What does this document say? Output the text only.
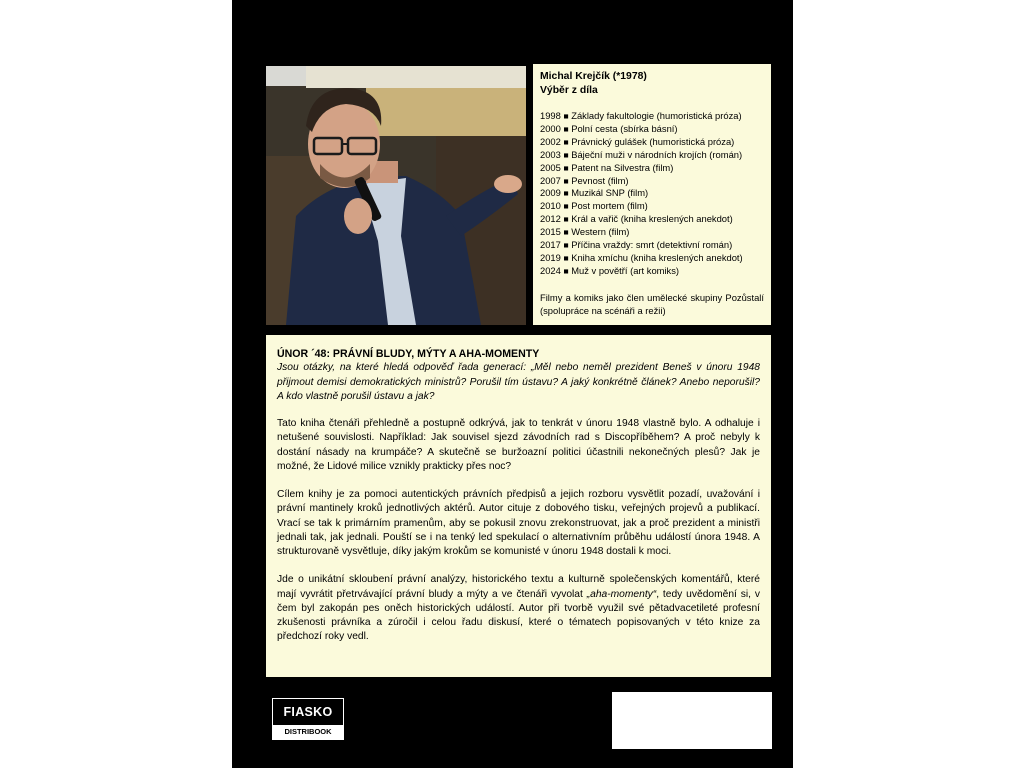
Michal Krejčík (*1978)
Výběr z díla
1998 ■ Základy fakultologie (humoristická próza)
2000 ■ Polní cesta (sbírka básní)
2002 ■ Právnický gulášek (humoristická próza)
2003 ■ Báječní muži v národních krojích (román)
2005 ■ Patent na Silvestra (film)
2007 ■ Pevnost (film)
2009 ■ Muzikál SNP (film)
2010 ■ Post mortem (film)
2012 ■ Král a vařič (kniha kreslených anekdot)
2015 ■ Western (film)
2017 ■ Příčina vraždy: smrt (detektivní román)
2019 ■ Kniha xmíchu (kniha kreslených anekdot)
2024 ■ Muž v povětří (art komiks)
Filmy a komiks jako člen umělecké skupiny Pozůstalí (spolupráce na scénáři a režii)

ÚNOR ´48: PRÁVNÍ BLUDY, MÝTY A AHA-MOMENTY

Jsou otázky, na které hledá odpověď řada generací: „Měl nebo neměl prezident Beneš v únoru 1948 přijmout demisi demokratických ministrů? Porušil tím ústavu? A jaký konkrétně článek? Anebo neporušil? A kdo vlastně porušil ústavu a jak?

Tato kniha čtenáři přehledně a postupně odkrývá, jak to tenkrát v únoru 1948 vlastně bylo. A odhaluje i netušené souvislosti. Například: Jak souvisel sjezd závodních rad s Discopříběhem? A proč nebyly k dostání násady na krumpáče? A skutečně se buržoazní politici účastnili nekonečných plesů? Jak je možné, že Lidové milice vznikly prakticky přes noc?

Cílem knihy je za pomoci autentických právních předpisů a jejich rozboru vysvětlit pozadí, uvažování i právní mantinely kroků jednotlivých aktérů. Autor cituje z dobového tisku, veřejných projevů a publikací. Vrací se tak k primárním pramenům, aby se pokusil znovu zrekonstruovat, jak a proč prezident a ministři jednali tak, jak jednali. Pouští se i na tenký led spekulací o alternativním průběhu událostí února 1948. A strukturovaně vysvětluje, díky jakým krokům se komunisté v únoru 1948 dostali k moci.

Jde o unikátní skloubení právní analýzy, historického textu a kulturně společenských komentářů, které mají vyvrátit přetrvávající právní bludy a mýty a ve čtenáři vyvolat „aha-momenty“, tedy uvědomění si, v čem byl zakopán pes oněch historických událostí. Autor při tvorbě využil své pětadvacetileté profesní zkušenosti právníka a zúročil i celou řadu diskusí, které o tématech popisovaných v této knize za předchozí roky vedl.

FIASKO
DISTRIBOOK
